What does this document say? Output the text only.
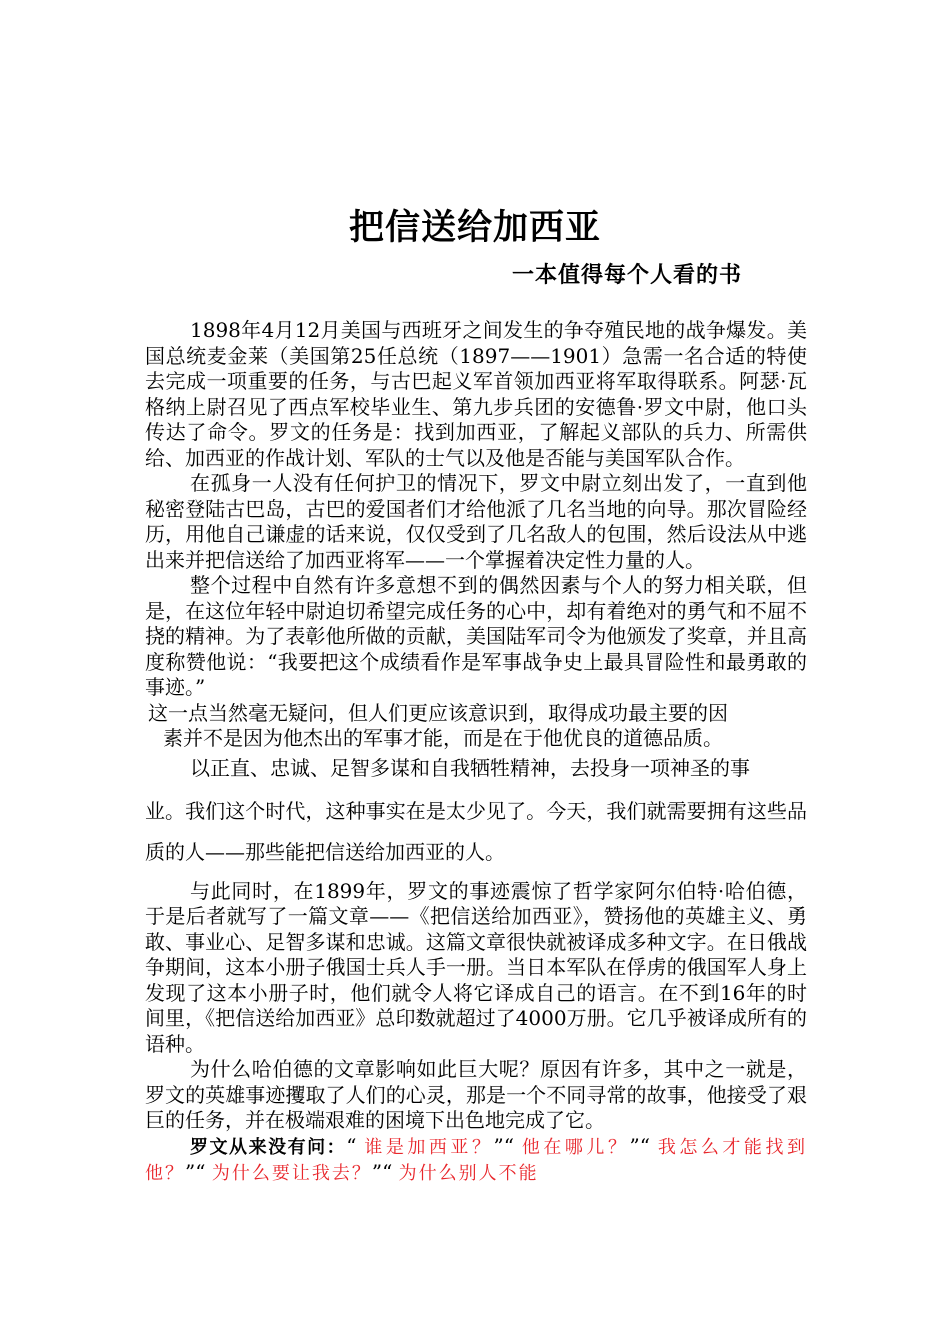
把信送给加西亚
一本值得每个人看的书

1898年4月12月美国与西班牙之间发生的争夺殖民地的战争爆发。美国总统麦金莱（美国第25任总统（1897——1901）急需一名合适的特使去完成一项重要的任务，与古巴起义军首领加西亚将军取得联系。阿瑟·瓦格纳上尉召见了西点军校毕业生、第九步兵团的安德鲁·罗文中尉，他口头传达了命令。罗文的任务是：找到加西亚，了解起义部队的兵力、所需供给、加西亚的作战计划、军队的士气以及他是否能与美国军队合作。

在孤身一人没有任何护卫的情况下，罗文中尉立刻出发了，一直到他秘密登陆古巴岛，古巴的爱国者们才给他派了几名当地的向导。那次冒险经历，用他自己谦虚的话来说，仅仅受到了几名敌人的包围，然后设法从中逃出来并把信送给了加西亚将军——一个掌握着决定性力量的人。

整个过程中自然有许多意想不到的偶然因素与个人的努力相关联，但是，在这位年轻中尉迫切希望完成任务的心中，却有着绝对的勇气和不屈不挠的精神。为了表彰他所做的贡献，美国陆军司令为他颁发了奖章，并且高度称赞他说：“我要把这个成绩看作是军事战争史上最具冒险性和最勇敢的事迹。”

这一点当然毫无疑问，但人们更应该意识到，取得成功最主要的因

素并不是因为他杰出的军事才能，而是在于他优良的道德品质。

以正直、忠诚、足智多谋和自我牺牲精神，去投身一项神圣的事

业。我们这个时代，这种事实在是太少见了。今天，我们就需要拥有这些品质的人——那些能把信送给加西亚的人。

与此同时，在1899年，罗文的事迹震惊了哲学家阿尔伯特·哈伯德，于是后者就写了一篇文章——《把信送给加西亚》，赞扬他的英雄主义、勇敢、事业心、足智多谋和忠诚。这篇文章很快就被译成多种文字。在日俄战争期间，这本小册子俄国士兵人手一册。当日本军队在俘虏的俄国军人身上发现了这本小册子时，他们就令人将它译成自己的语言。在不到16年的时间里，《把信送给加西亚》总印数就超过了4000万册。它几乎被译成所有的语种。

为什么哈伯德的文章影响如此巨大呢？原因有许多，其中之一就是，罗文的英雄事迹攫取了人们的心灵，那是一个不同寻常的故事，他接受了艰巨的任务，并在极端艰难的困境下出色地完成了它。

罗文从来没有问：“ 谁是加西亚？”“ 他在哪儿？”“ 我怎么才能找到他？”“ 为什么要让我去？”“ 为什么别人不能
